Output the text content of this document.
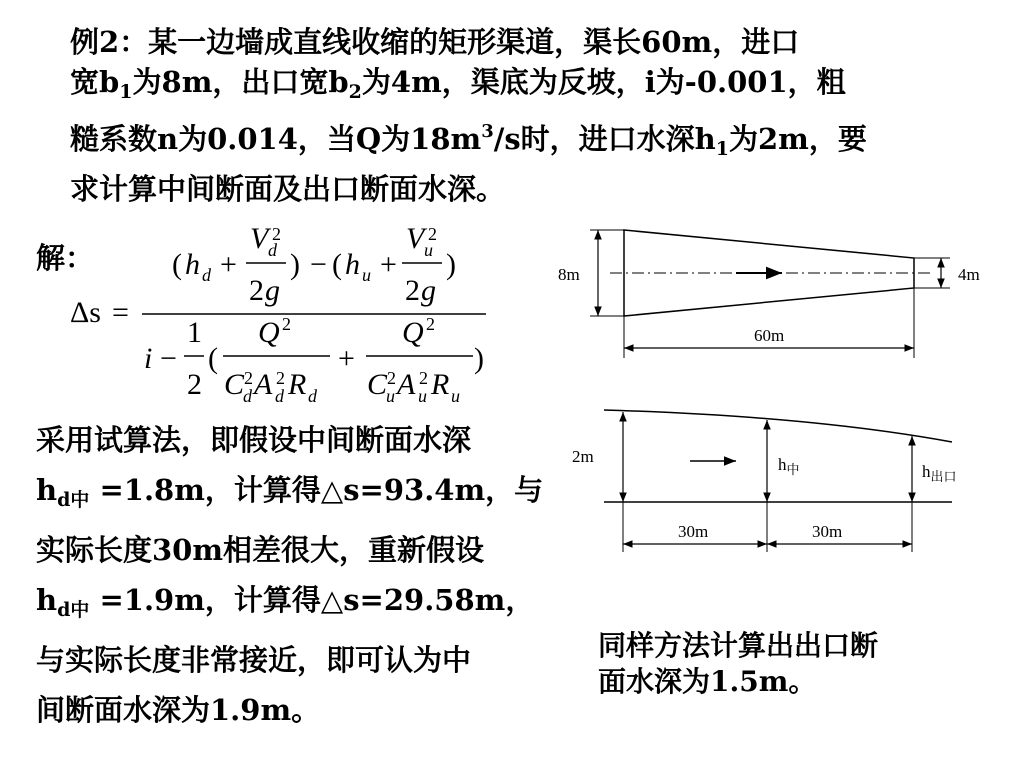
例2：某一边墙成直线收缩的矩形渠道，渠长60m，进口
宽$b_1$为8m，出口宽$b_2$为4m，渠底为反坡，i为-0.001，粗
糙系数n为0.014，当Q为$18m^3/s$时，进口水深$h_1$为2m，要
求计算中间断面及出口断面水深。
解：	( h d +
V 2
d
2 g
) − ( h u +
V 2
u
2 g
)
Δs =
i −
1
2
(
Q 2
C 2
d A 2
d R d
+
Q 2
C 2
u A 2
u R u
)
采用试算法，即假设中间断面水深
$h_{d中} =1.8m$，计算得△s=93.4m，与
实际长度30m相差很大，重新假设
$h_{d中} =1.9m$，计算得△s=29.58m，
与实际长度非常接近，即可认为中
间断面水深为1.9m。
8m	4m
60m
2m	$h_中$	$h_{出口}$
30m	30m
同样方法计算出出口断
面水深为1.5m。
